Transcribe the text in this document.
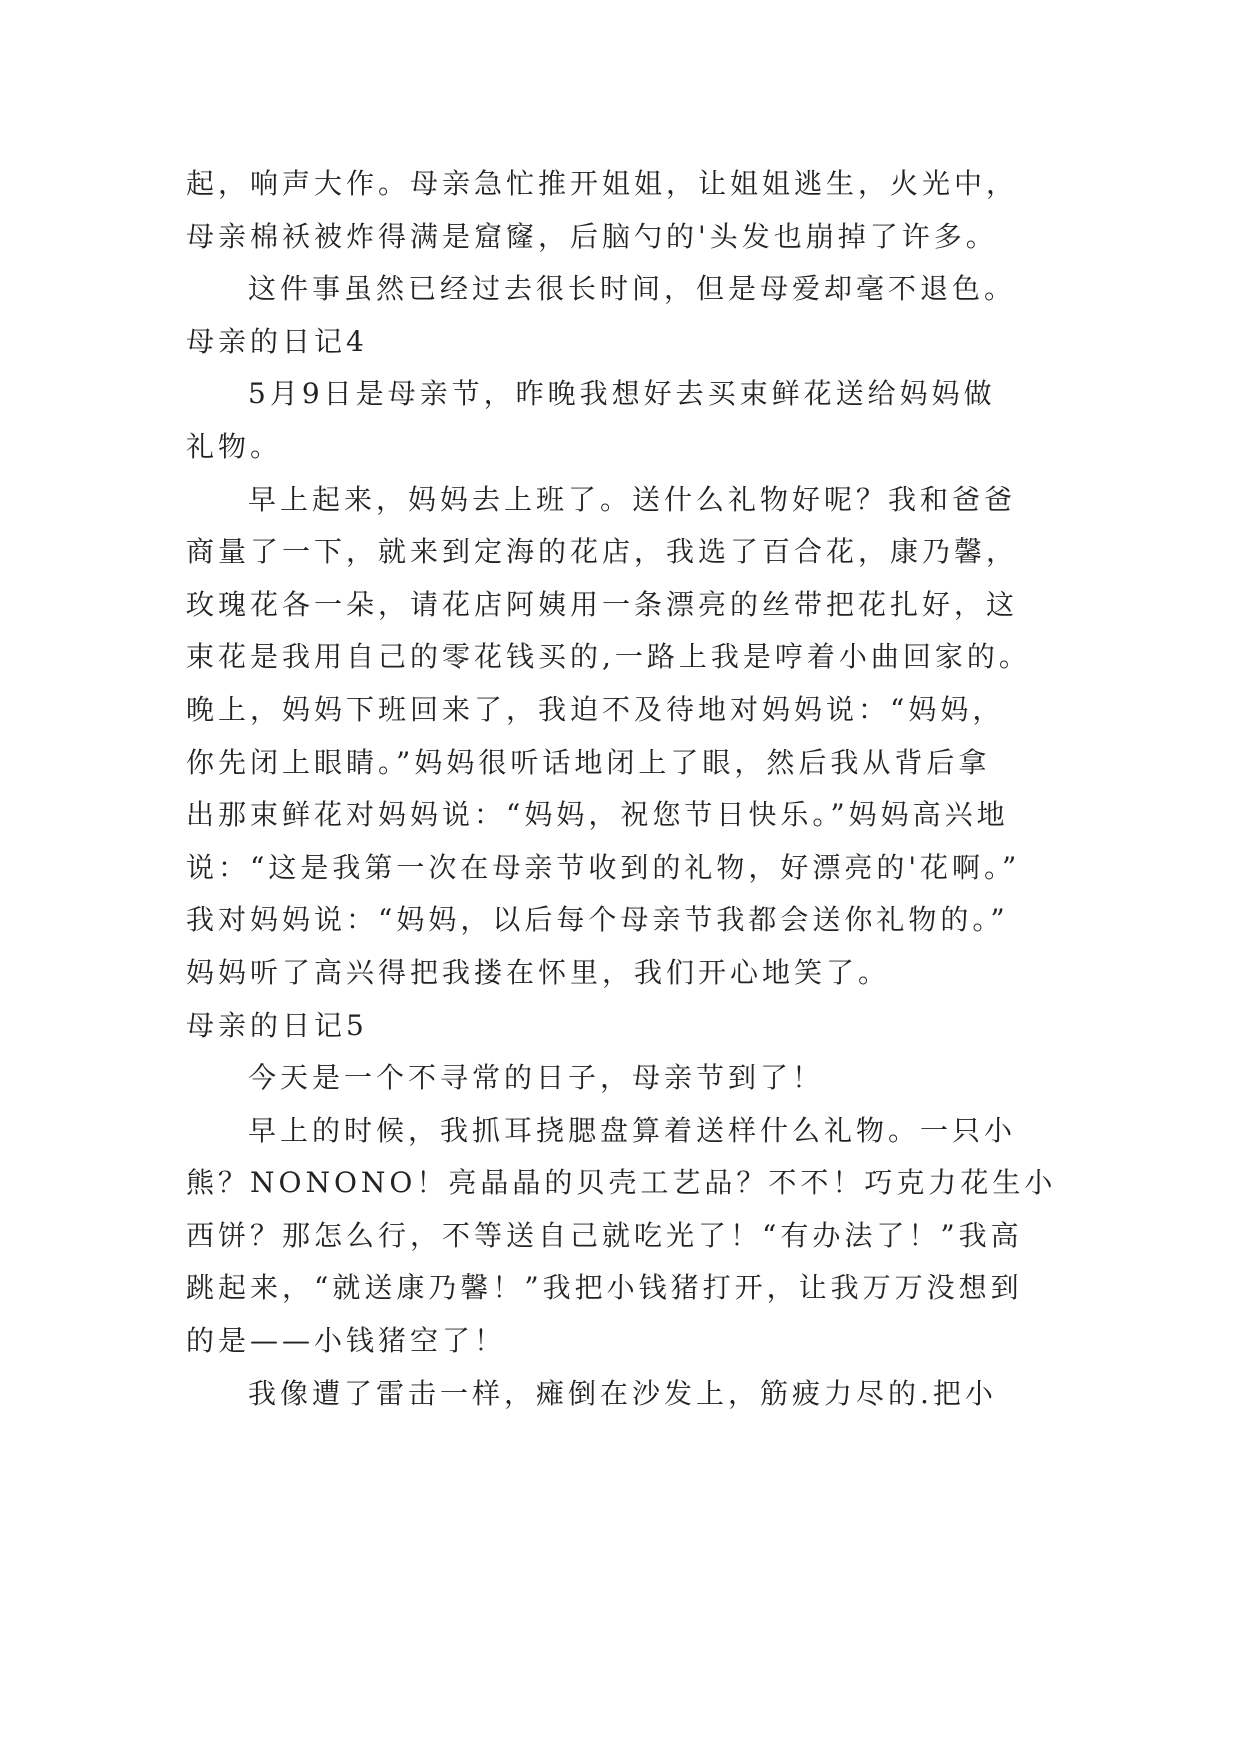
起，响声大作。母亲急忙推开姐姐，让姐姐逃生，火光中，
母亲棉袄被炸得满是窟窿，后脑勺的'头发也崩掉了许多。
这件事虽然已经过去很长时间，但是母爱却毫不退色。
母亲的日记4
5月9日是母亲节，昨晚我想好去买束鲜花送给妈妈做
礼物。
早上起来，妈妈去上班了。送什么礼物好呢？我和爸爸
商量了一下，就来到定海的花店，我选了百合花，康乃馨，
玫瑰花各一朵，请花店阿姨用一条漂亮的丝带把花扎好，这
束花是我用自己的零花钱买的,一路上我是哼着小曲回家的。
晚上，妈妈下班回来了，我迫不及待地对妈妈说：“妈妈，
你先闭上眼睛。”妈妈很听话地闭上了眼，然后我从背后拿
出那束鲜花对妈妈说：“妈妈，祝您节日快乐。”妈妈高兴地
说：“这是我第一次在母亲节收到的礼物，好漂亮的'花啊。”
我对妈妈说：“妈妈，以后每个母亲节我都会送你礼物的。”
妈妈听了高兴得把我搂在怀里，我们开心地笑了。
母亲的日记5
今天是一个不寻常的日子，母亲节到了！
早上的时候，我抓耳挠腮盘算着送样什么礼物。一只小
熊？NONONO！亮晶晶的贝壳工艺品？不不！巧克力花生小
西饼？那怎么行，不等送自己就吃光了！“有办法了！”我高
跳起来，“就送康乃馨！”我把小钱猪打开，让我万万没想到
的是——小钱猪空了！
我像遭了雷击一样，瘫倒在沙发上，筋疲力尽的.把小
